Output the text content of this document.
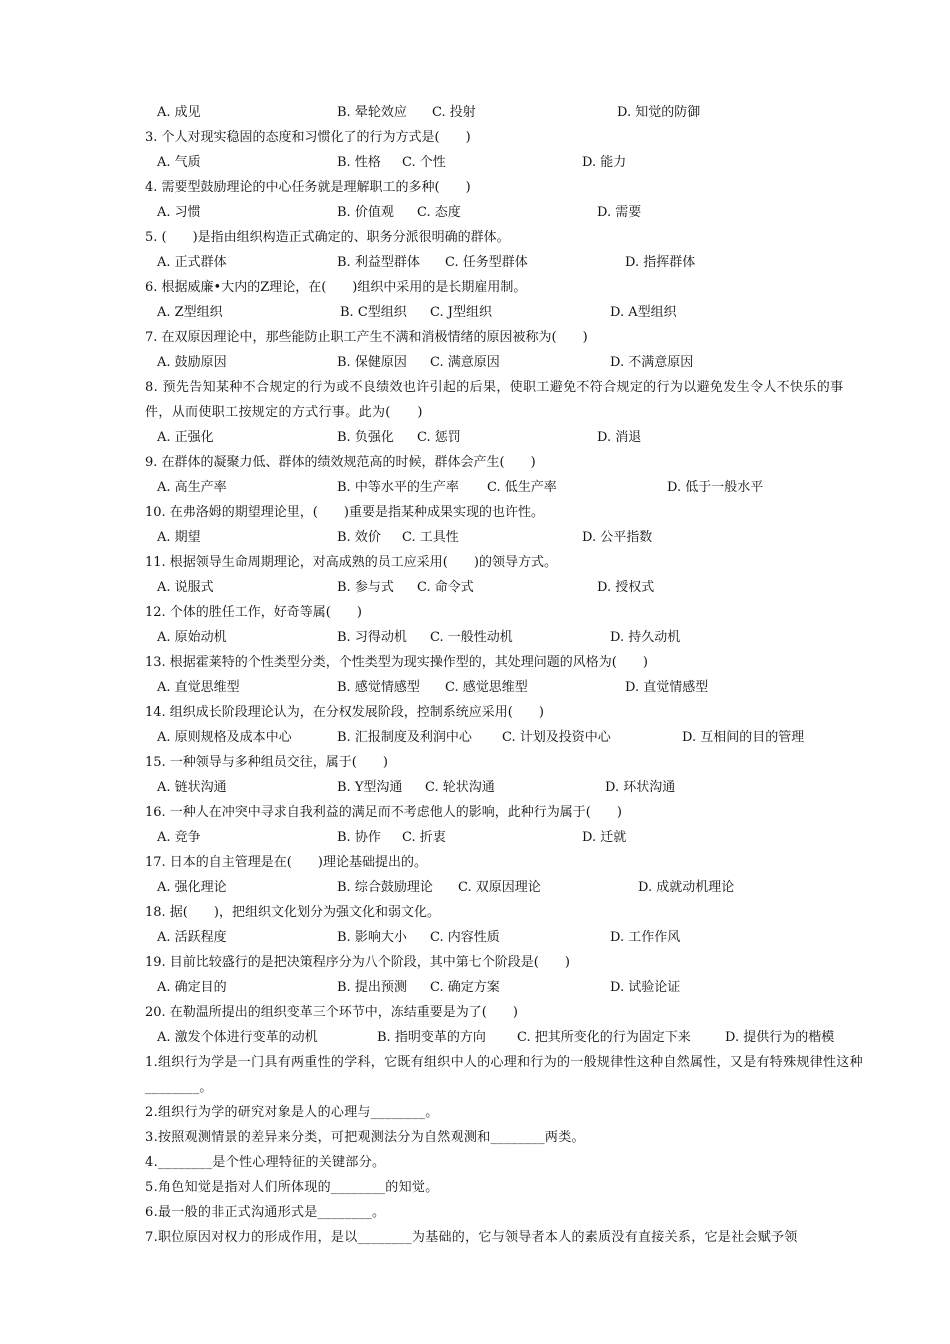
A. 成见	B. 晕轮效应 C. 投射	D. 知觉的防御
3. 个人对现实稳固的态度和习惯化了的行为方式是(　　)
A. 气质	B. 性格 C. 个性	D. 能力
4. 需要型鼓励理论的中心任务就是理解职工的多种(　　)
A. 习惯	B. 价值观 C. 态度	D. 需要
5. (　　)是指由组织构造正式确定的、职务分派很明确的群体。
A. 正式群体	B. 利益型群体 C. 任务型群体	D. 指挥群体
6. 根据威廉•大内的Z理论，在(　　)组织中采用的是长期雇用制。
A. Z型组织	B. C型组织 C. J型组织	D. A型组织
7. 在双原因理论中，那些能防止职工产生不满和消极情绪的原因被称为(　　)
A. 鼓励原因	B. 保健原因 C. 满意原因	D. 不满意原因
8. 预先告知某种不合规定的行为或不良绩效也许引起的后果，使职工避免不符合规定的行为以避免发生令人不快乐的事件，从而使职工按规定的方式行事。此为(　　)
A. 正强化	B. 负强化 C. 惩罚	D. 消退
9. 在群体的凝聚力低、群体的绩效规范高的时候，群体会产生(　　)
A. 高生产率	B. 中等水平的生产率 C. 低生产率	D. 低于一般水平
10. 在弗洛姆的期望理论里，(　　)重要是指某种成果实现的也许性。
A. 期望	B. 效价 C. 工具性	D. 公平指数
11. 根据领导生命周期理论，对高成熟的员工应采用(　　)的领导方式。
A. 说服式	B. 参与式 C. 命令式	D. 授权式
12. 个体的胜任工作，好奇等属(　　)
A. 原始动机	B. 习得动机 C. 一般性动机	D. 持久动机
13. 根据霍莱特的个性类型分类，个性类型为现实操作型的，其处理问题的风格为(　　)
A. 直觉思维型	B. 感觉情感型 C. 感觉思维型	D. 直觉情感型
14. 组织成长阶段理论认为，在分权发展阶段，控制系统应采用(　　)
A. 原则规格及成本中心	B. 汇报制度及利润中心 C. 计划及投资中心	D. 互相间的目的管理
15. 一种领导与多种组员交往，属于(　　)
A. 链状沟通	B. Y型沟通 C. 轮状沟通	D. 环状沟通
16. 一种人在冲突中寻求自我利益的满足而不考虑他人的影响，此种行为属于(　　)
A. 竞争	B. 协作 C. 折衷	D. 迁就
17. 日本的自主管理是在(　　)理论基础提出的。
A. 强化理论	B. 综合鼓励理论 C. 双原因理论	D. 成就动机理论
18. 据(　　)，把组织文化划分为强文化和弱文化。
A. 活跃程度	B. 影响大小 C. 内容性质	D. 工作作风
19. 目前比较盛行的是把决策程序分为八个阶段，其中第七个阶段是(　　)
A. 确定目的	B. 提出预测 C. 确定方案	D. 试验论证
20. 在勒温所提出的组织变革三个环节中，冻结重要是为了(　　)
A. 激发个体进行变革的动机	B. 指明变革的方向 C. 把其所变化的行为固定下来	D. 提供行为的楷模
1.组织行为学是一门具有两重性的学科，它既有组织中人的心理和行为的一般规律性这种自然属性，又是有特殊规律性这种________。
2.组织行为学的研究对象是人的心理与________。
3.按照观测情景的差异来分类，可把观测法分为自然观测和________两类。
4.________是个性心理特征的关键部分。
5.角色知觉是指对人们所体现的________的知觉。
6.最一般的非正式沟通形式是________。
7.职位原因对权力的形成作用，是以________为基础的，它与领导者本人的素质没有直接关系，它是社会赋予领
